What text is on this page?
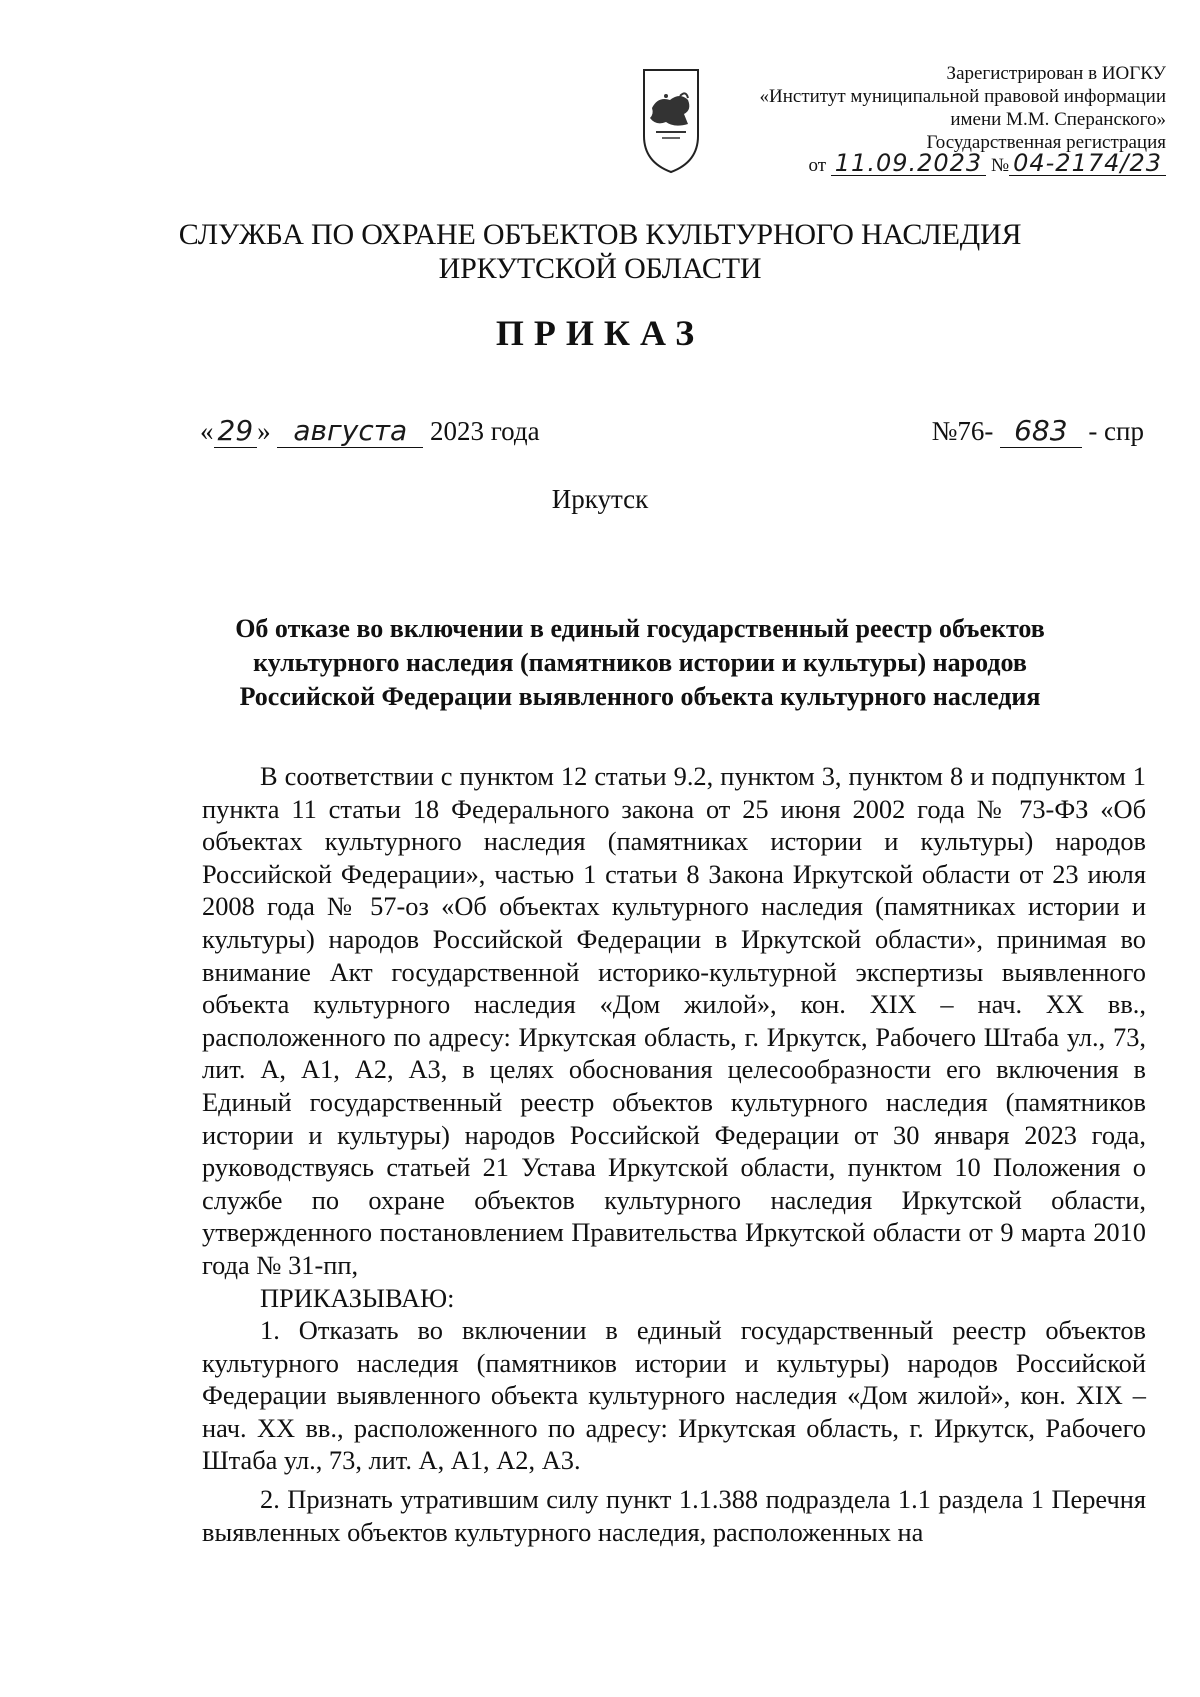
Зарегистрирован в ИОГКУ
«Институт муниципальной правовой информации
имени М.М. Сперанского»
Государственная регистрация
от 11.09.2023 № 04-2174/23
СЛУЖБА ПО ОХРАНЕ ОБЪЕКТОВ КУЛЬТУРНОГО НАСЛЕДИЯ
ИРКУТСКОЙ ОБЛАСТИ
ПРИКАЗ
« 29 » августа 2023 года	№76- 683 - спр
Иркутск
Об отказе во включении в единый государственный реестр объектов
культурного наследия (памятников истории и культуры) народов
Российской Федерации выявленного объекта культурного наследия

В соответствии с пунктом 12 статьи 9.2, пунктом 3, пунктом 8 и подпунктом 1 пункта 11 статьи 18 Федерального закона от 25 июня 2002 года № 73-ФЗ «Об объектах культурного наследия (памятниках истории и культуры) народов Российской Федерации», частью 1 статьи 8 Закона Иркутской области от 23 июля 2008 года № 57-оз «Об объектах культурного наследия (памятниках истории и культуры) народов Российской Федерации в Иркутской области», принимая во внимание Акт государственной историко-культурной экспертизы выявленного объекта культурного наследия «Дом жилой», кон. XIX – нач. XX вв., расположенного по адресу: Иркутская область, г. Иркутск, Рабочего Штаба ул., 73, лит. А, А1, А2, А3, в целях обоснования целесообразности его включения в Единый государственный реестр объектов культурного наследия (памятников истории и культуры) народов Российской Федерации от 30 января 2023 года, руководствуясь статьей 21 Устава Иркутской области, пунктом 10 Положения о службе по охране объектов культурного наследия Иркутской области, утвержденного постановлением Правительства Иркутской области от 9 марта 2010 года № 31-пп,

ПРИКАЗЫВАЮ:

1. Отказать во включении в единый государственный реестр объектов культурного наследия (памятников истории и культуры) народов Российской Федерации выявленного объекта культурного наследия «Дом жилой», кон. XIX – нач. XX вв., расположенного по адресу: Иркутская область, г. Иркутск, Рабочего Штаба ул., 73, лит. А, А1, А2, А3.

2. Признать утратившим силу пункт 1.1.388 подраздела 1.1 раздела 1 Перечня выявленных объектов культурного наследия, расположенных на
